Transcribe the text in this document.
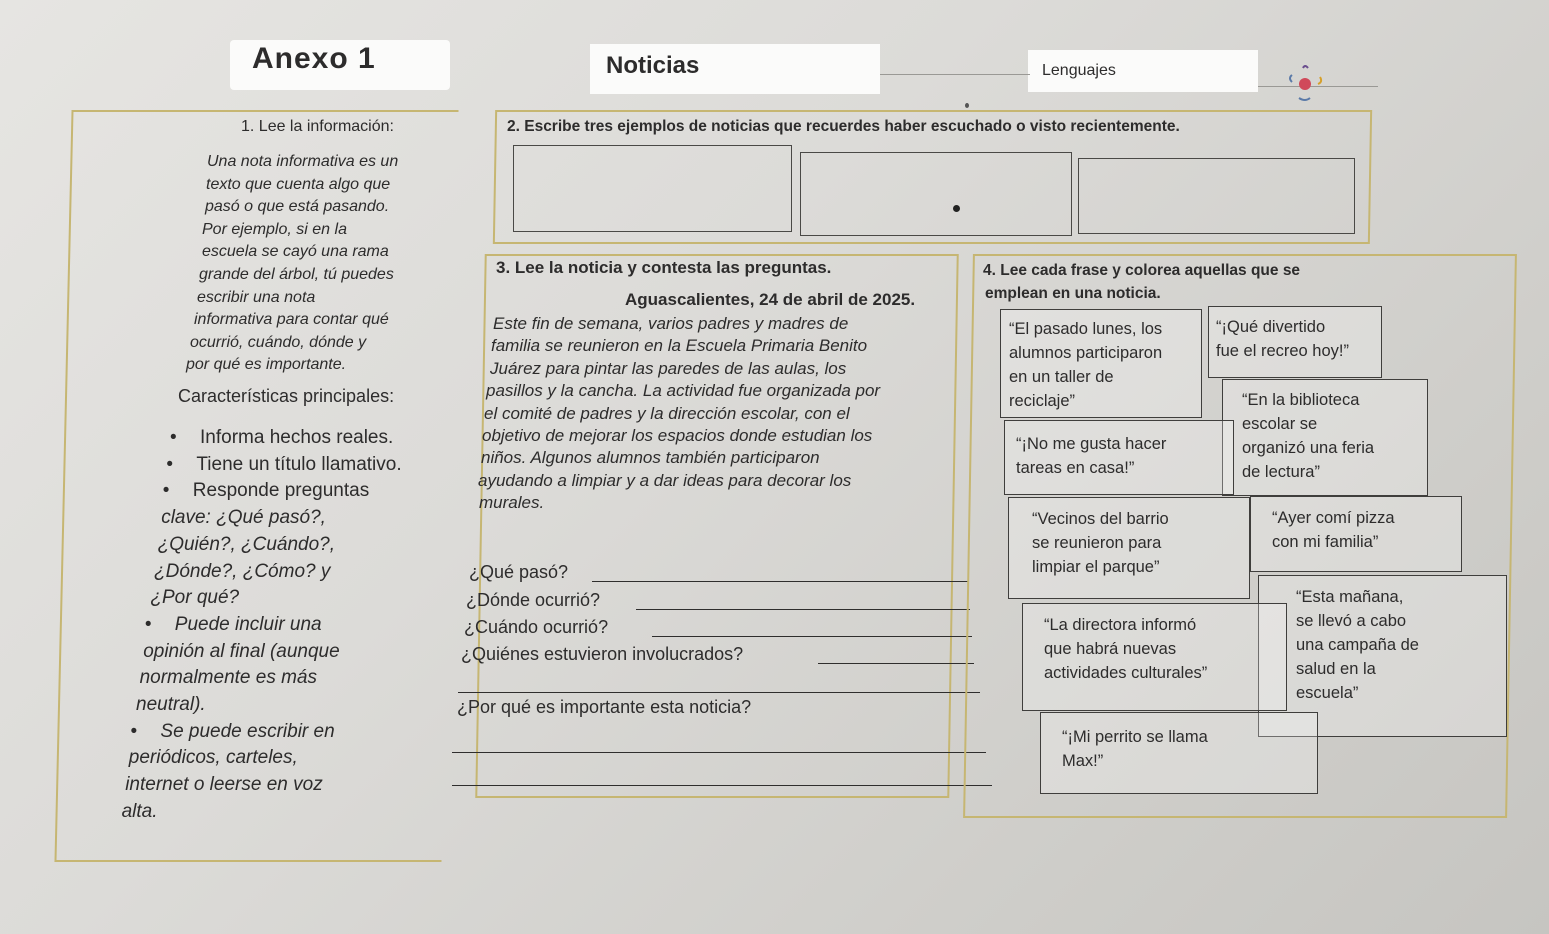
Anexo 1	Noticias	Lenguajes
1. Lee la información:
Una nota informativa es un
texto que cuenta algo que
pasó o que está pasando.
Por ejemplo, si en la
escuela se cayó una rama
grande del árbol, tú puedes
escribir una nota
informativa para contar qué
ocurrió, cuándo, dónde y
por qué es importante.
Características principales:
• Informa hechos reales.
• Tiene un título llamativo.
• Responde preguntas
clave: ¿Qué pasó?,
¿Quién?, ¿Cuándo?,
¿Dónde?, ¿Cómo? y
¿Por qué?
• Puede incluir una
opinión al final (aunque
normalmente es más
neutral).
• Se puede escribir en
periódicos, carteles,
internet o leerse en voz
alta.
2. Escribe tres ejemplos de noticias que recuerdes haber escuchado o visto recientemente.
3. Lee la noticia y contesta las preguntas.
Aguascalientes, 24 de abril de 2025.
Este fin de semana, varios padres y madres de
familia se reunieron en la Escuela Primaria Benito
Juárez para pintar las paredes de las aulas, los
pasillos y la cancha. La actividad fue organizada por
el comité de padres y la dirección escolar, con el
objetivo de mejorar los espacios donde estudian los
niños. Algunos alumnos también participaron
ayudando a limpiar y a dar ideas para decorar los
murales.
¿Qué pasó?
¿Dónde ocurrió?
¿Cuándo ocurrió?
¿Quiénes estuvieron involucrados?
¿Por qué es importante esta noticia?
4. Lee cada frase y colorea aquellas que se
emplean en una noticia.
“El pasado lunes, los
alumnos participaron
en un taller de
reciclaje”
“¡Qué divertido
fue el recreo hoy!”
“En la biblioteca
escolar se
organizó una feria
de lectura”
“¡No me gusta hacer
tareas en casa!”
“Vecinos del barrio
se reunieron para
limpiar el parque”
“Ayer comí pizza
con mi familia”
“Esta mañana,
se llevó a cabo
una campaña de
salud en la
escuela”
“La directora informó
que habrá nuevas
actividades culturales”
“¡Mi perrito se llama
Max!”
